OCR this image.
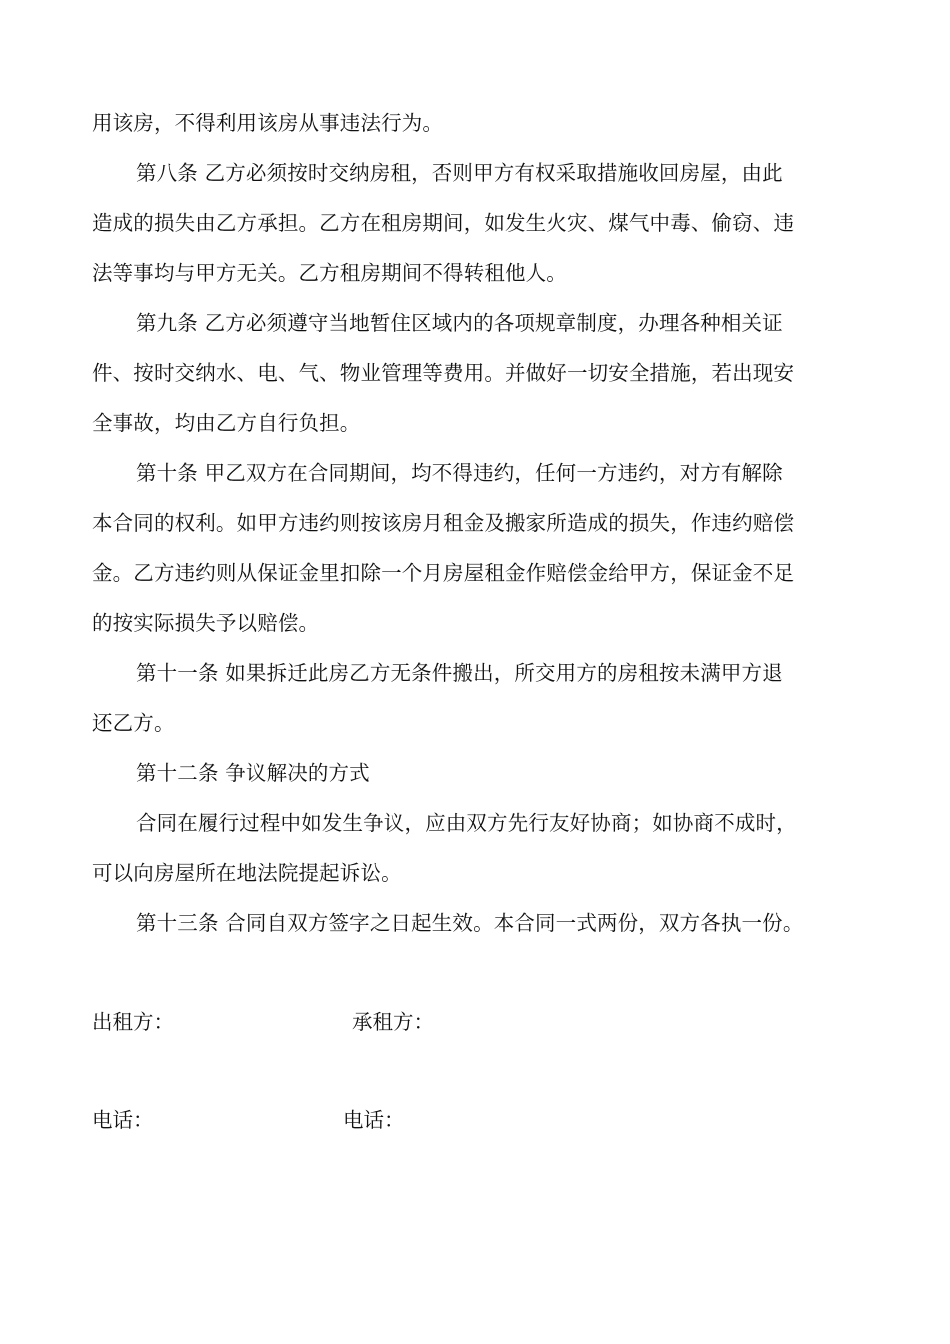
用该房，不得利用该房从事违法行为。
第八条 乙方必须按时交纳房租，否则甲方有权采取措施收回房屋，由此
造成的损失由乙方承担。乙方在租房期间，如发生火灾、煤气中毒、偷窃、违
法等事均与甲方无关。乙方租房期间不得转租他人。
第九条 乙方必须遵守当地暂住区域内的各项规章制度，办理各种相关证
件、按时交纳水、电、气、物业管理等费用。并做好一切安全措施，若出现安
全事故，均由乙方自行负担。
第十条 甲乙双方在合同期间，均不得违约，任何一方违约，对方有解除
本合同的权利。如甲方违约则按该房月租金及搬家所造成的损失，作违约赔偿
金。乙方违约则从保证金里扣除一个月房屋租金作赔偿金给甲方，保证金不足
的按实际损失予以赔偿。
第十一条 如果拆迁此房乙方无条件搬出，所交用方的房租按未满甲方退
还乙方。
第十二条 争议解决的方式
合同在履行过程中如发生争议，应由双方先行友好协商；如协商不成时，
可以向房屋所在地法院提起诉讼。
第十三条 合同自双方签字之日起生效。本合同一式两份，双方各执一份。
出租方：	承租方：
电话：	电话：
